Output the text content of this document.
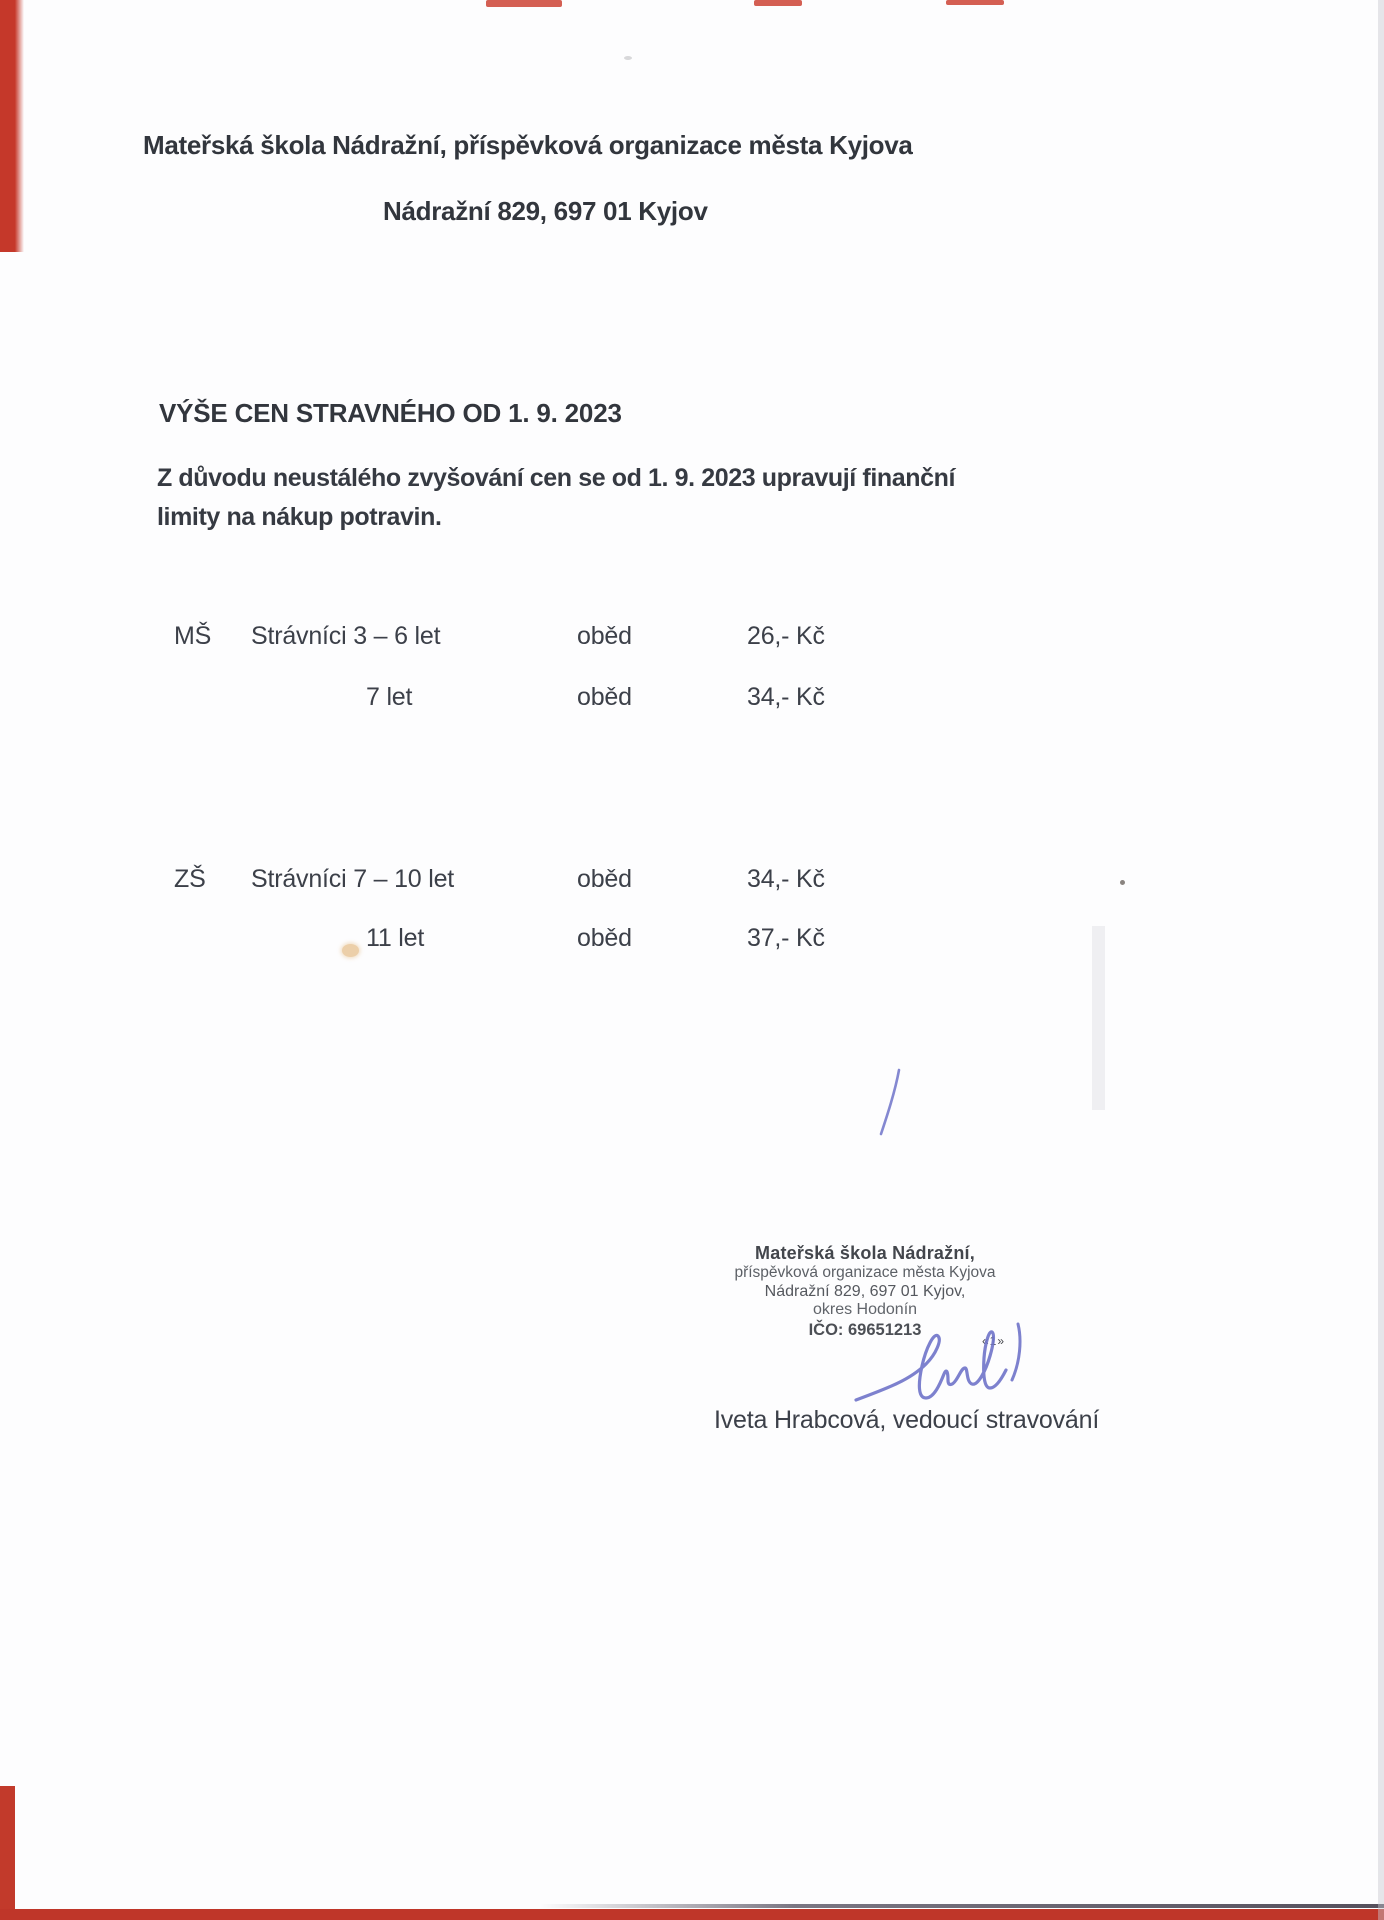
Mateřská škola Nádražní, příspěvková organizace města Kyjova
Nádražní 829, 697 01 Kyjov
VÝŠE CEN STRAVNÉHO OD 1. 9. 2023
Z důvodu neustálého zvyšování cen se od 1. 9. 2023 upravují finanční
limity na nákup potravin.
MŠ Strávníci 3 – 6 let	oběd	26,- Kč
7 let	oběd	34,- Kč
ZŠ Strávníci 7 – 10 let	oběd	34,- Kč
11 let	oběd	37,- Kč
Mateřská škola Nádražní,
příspěvková organizace města Kyjova
Nádražní 829, 697 01 Kyjov,
okres Hodonín
IČO: 69651213
«1»
Iveta Hrabcová, vedoucí stravování
